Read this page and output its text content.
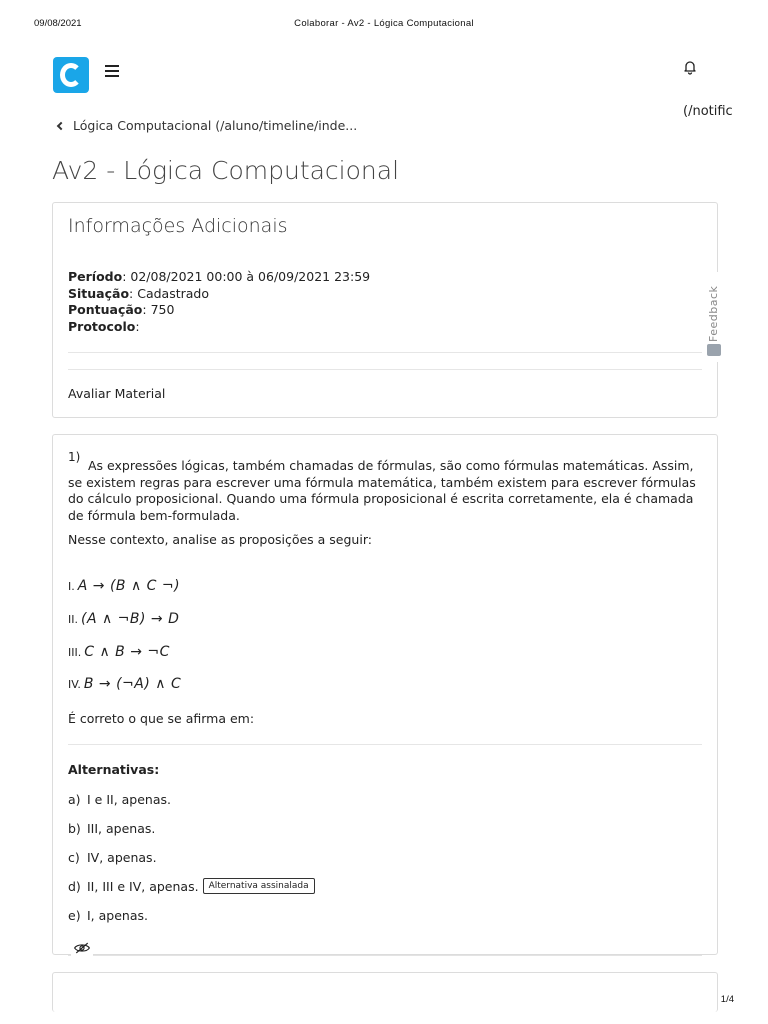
09/08/2021	Colaborar - Av2 - Lógica Computacional
1/4
(/notific
Lógica Computacional (/aluno/timeline/inde...
Av2 - Lógica Computacional
Informações Adicionais
Período: 02/08/2021 00:00 à 06/09/2021 23:59
Situação: Cadastrado
Pontuação: 750
Protocolo:
Avaliar Material
Feedback
1)
As expressões lógicas, também chamadas de fórmulas, são como fórmulas matemáticas. Assim, se existem regras para escrever uma fórmula matemática, também existem para escrever fórmulas do cálculo proposicional. Quando uma fórmula proposicional é escrita corretamente, ela é chamada de fórmula bem-formulada.
Nesse contexto, analise as proposições a seguir:
I. A → (B ∧ C ¬)
II. (A ∧ ¬B) → D
III. C ∧ B → ¬C
IV. B → (¬A) ∧ C
É correto o que se afirma em:
Alternativas:
a) I e II, apenas.
b) III, apenas.
c) IV, apenas.
d) II, III e IV, apenas.	Alternativa assinalada
e) I, apenas.
